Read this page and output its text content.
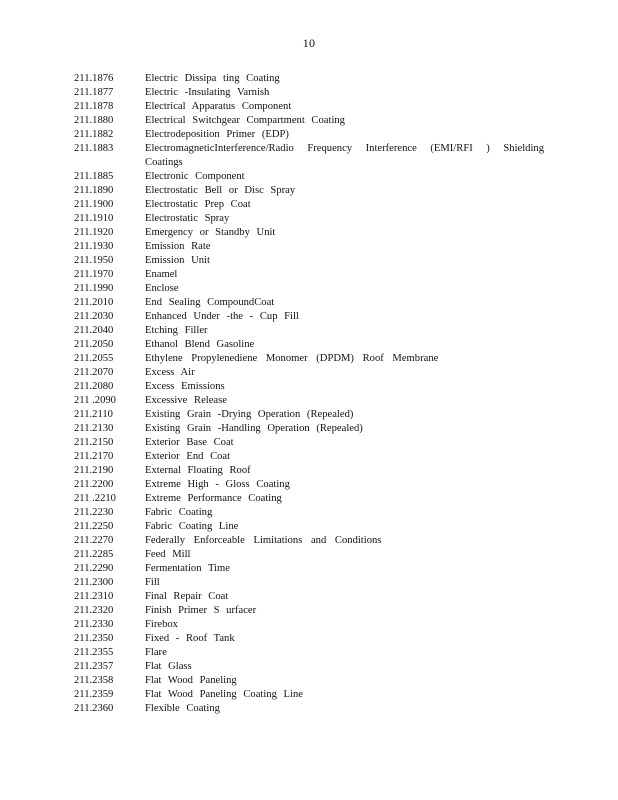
10
211.1876	Electric Dissipa ting Coating
211.1877	Electric -Insulating Varnish
211.1878	Electrical Apparatus Component
211.1880	Electrical Switchgear Compartment Coating
211.1882	Electrodeposition Primer (EDP)
211.1883	ElectromagneticInterference/Radio Frequency Interference (EMI/RFI ) Shielding Coatings
211.1885	Electronic Component
211.1890	Electrostatic Bell or Disc Spray
211.1900	Electrostatic Prep Coat
211.1910	Electrostatic Spray
211.1920	Emergency or Standby Unit
211.1930	Emission Rate
211.1950	Emission Unit
211.1970	Enamel
211.1990	Enclose
211.2010	End Sealing CompoundCoat
211.2030	Enhanced Under -the - Cup Fill
211.2040	Etching Filler
211.2050	Ethanol Blend Gasoline
211.2055	Ethylene Propylenediene Monomer (DPDM) Roof Membrane
211.2070	Excess Air
211.2080	Excess Emissions
211 .2090	Excessive Release
211.2110	Existing Grain -Drying Operation (Repealed)
211.2130	Existing Grain -Handling Operation (Repealed)
211.2150	Exterior Base Coat
211.2170	Exterior End Coat
211.2190	External Floating Roof
211.2200	Extreme High - Gloss Coating
211 .2210	Extreme Performance Coating
211.2230	Fabric Coating
211.2250	Fabric Coating Line
211.2270	Federally Enforceable Limitations and Conditions
211.2285	Feed Mill
211.2290	Fermentation Time
211.2300	Fill
211.2310	Final Repair Coat
211.2320	Finish Primer S urfacer
211.2330	Firebox
211.2350	Fixed - Roof Tank
211.2355	Flare
211.2357	Flat Glass
211.2358	Flat Wood Paneling
211.2359	Flat Wood Paneling Coating Line
211.2360	Flexible Coating
